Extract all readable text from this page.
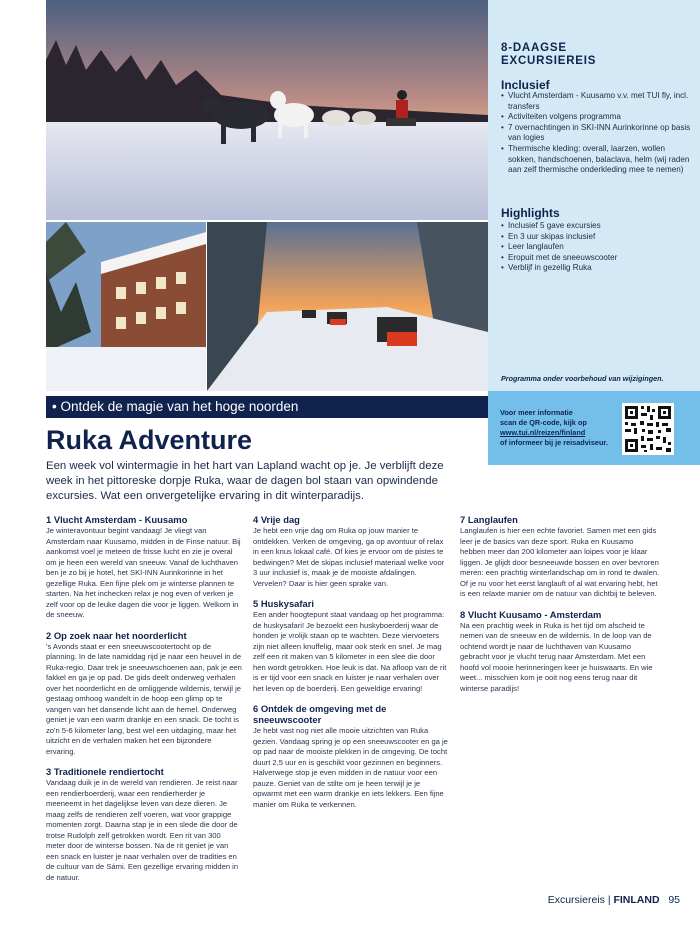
8-DAAGSE EXCURSIEREIS
Inclusief
• Vlucht Amsterdam - Kuusamo v.v. met TUI fly, incl. transfers
• Activiteiten volgens programma
• 7 overnachtingen in SKI-INN Aurinkorinne op basis van logies
• Thermische kleding: overall, laarzen, wollen sokken, handschoenen, balaclava, helm (wij raden aan zelf thermische onderkleding mee te nemen)
Highlights
• Inclusief 5 gave excursies
• En 3 uur skipas inclusief
• Leer langlaufen
• Eropuit met de sneeuwscooter
• Verblijf in gezellig Ruka
Programma onder voorbehoud van wijzigingen.
• Ontdek de magie van het hoge noorden	Voor meer informatie
scan de QR-code, kijk op
www.tui.nl/reizen/finland
of informeer bij je reisadviseur.
Ruka Adventure
Een week vol wintermagie in het hart van Lapland wacht op je. Je verblijft deze week in het pittoreske dorpje Ruka, waar de dagen bol staan van opwindende excursies. Wat een onvergetelijke ervaring in dit winterparadijs.
1 Vlucht Amsterdam - Kuusamo

Je winteravontuur begint vandaag! Je vliegt van Amsterdam naar Kuusamo, midden in de Finse natuur. Bij aankomst voel je meteen de frisse lucht en zie je overal om je heen een wereld van sneeuw. Vanaf de luchthaven ben je zo bij je hotel, het SKI-INN Aurinkorinne in het gezellige Ruka. Een fijne plek om je winterse plannen te starten. Na het inchecken relax je nog even of verken je zelf voor op de leuke dagen die voor je liggen. Welkom in de sneeuw.

2 Op zoek naar het noorderlicht

's Avonds staat er een sneeuwscootertocht op de planning. In de late namiddag rijd je naar een heuvel in de Ruka-regio. Daar trek je sneeuwschoenen aan, pak je een fakkel en ga je op pad. De gids deelt onderweg verhalen over het noorderlicht en de omliggende wildernis, terwijl je gestaag omhoog wandelt in de hoop een glimp op te vangen van het dansende licht aan de hemel. Onderweg geniet je van een warm drankje en een snack. De tocht is zo'n 5-6 kilometer lang, best wel een uitdaging, maar het uitzicht en de verhalen maken het een bijzondere ervaring.

3 Traditionele rendiertocht

Vandaag duik je in de wereld van rendieren. Je reist naar een rendierboerderij, waar een rendierherder je meeneemt in het dagelijkse leven van deze dieren. Je maag zelfs de rendieren zelf voeren, wat voor grappige momenten zorgt. Daarna stap je in een slede die door de trotse Rudolph zelf getrokken wordt. Een rit van 300 meter door de winterse bossen. Na de rit geniet je van een snack en luister je naar verhalen over de tradities en de cultuur van de Sámi. Een gezellige ervaring midden in de natuur.

4 Vrije dag

Je hebt een vrije dag om Ruka op jouw manier te ontdekken. Verken de omgeving, ga op avontuur of relax in een knus lokaal café. Of kies je ervoor om de pistes te bedwingen? Met de skipas inclusief materiaal welke voor 3 uur inclusief is, maak je de mooiste afdalingen. Vervelen? Daar is hier geen sprake van.

5 Huskysafari

Een ander hoogtepunt staat vandaag op het programma: de huskysafari! Je bezoekt een huskyboerderij waar de honden je vrolijk staan op te wachten. Deze viervoeters zijn niet alleen knuffelig, maar ook sterk en snel. Je mag zelf een rit maken van 5 kilometer in een slee die door hen wordt getrokken. Hoe leuk is dat. Na afloop van de rit is er tijd voor een snack en luister je naar verhalen over het leven op de boerderij. Een geweldige ervaring!

6 Ontdek de omgeving met de sneeuwscooter

Je hebt vast nog niet alle mooie uitzichten van Ruka gezien. Vandaag spring je op een sneeuwscooter en ga je op pad naar de mooiste plekken in de omgeving. De tocht duurt 2,5 uur en is geschikt voor gezinnen en beginners. Halverwege stop je even midden in de natuur voor een pauze. Geniet van de stilte om je heen terwijl je je opwarmt met een warm drankje en iets lekkers. Een fijne manier om Ruka te verkennen.

7 Langlaufen

Langlaufen is hier een echte favoriet. Samen met een gids leer je de basics van deze sport. Ruka en Kuusamo hebben meer dan 200 kilometer aan loipes voor je klaar liggen. Je glijdt door besneeuwde bossen en over bevroren meren: een prachtig winterlandschap om in rond te dwalen. Of je nu voor het eerst langlauft of al wat ervaring hebt, het is een relaxte manier om de natuur van dichtbij te beleven.

8 Vlucht Kuusamo - Amsterdam

Na een prachtig week in Ruka is het tijd om afscheid te nemen van de sneeuw en de wildernis. In de loop van de ochtend wordt je naar de luchthaven van Kuusamo gebracht voor je vlucht terug naar Amsterdam. Met een hoofd vol mooie herinneringen keer je huiswaarts. En wie weet... misschien kom je ooit nog eens terug naar dit winterse paradijs!

Excursiereis | FINLAND 95
